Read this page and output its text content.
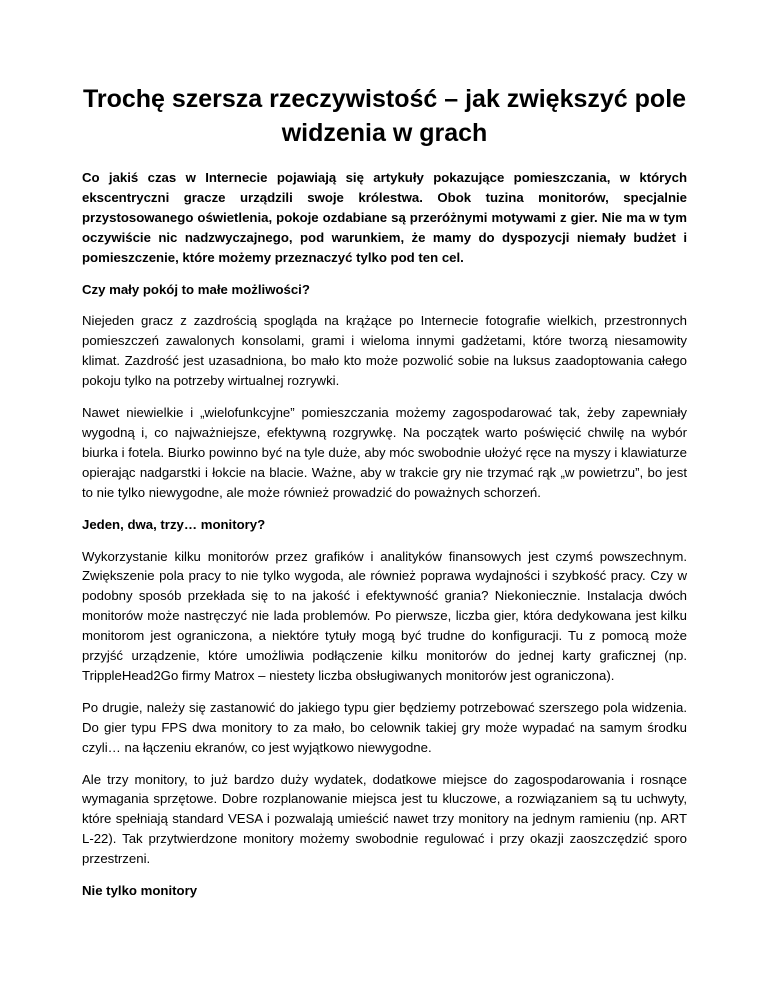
Trochę szersza rzeczywistość – jak zwiększyć pole widzenia w grach

Co jakiś czas w Internecie pojawiają się artykuły pokazujące pomieszczania, w których ekscentryczni gracze urządzili swoje królestwa. Obok tuzina monitorów, specjalnie przystosowanego oświetlenia, pokoje ozdabiane są przeróżnymi motywami z gier. Nie ma w tym oczywiście nic nadzwyczajnego, pod warunkiem, że mamy do dyspozycji niemały budżet i pomieszczenie, które możemy przeznaczyć tylko pod ten cel.

Czy mały pokój to małe możliwości?

Niejeden gracz z zazdrością spogląda na krążące po Internecie fotografie wielkich, przestronnych pomieszczeń zawalonych konsolami, grami i wieloma innymi gadżetami, które tworzą niesamowity klimat. Zazdrość jest uzasadniona, bo mało kto może pozwolić sobie na luksus zaadoptowania całego pokoju tylko na potrzeby wirtualnej rozrywki.

Nawet niewielkie i „wielofunkcyjne” pomieszczania możemy zagospodarować tak, żeby zapewniały wygodną i, co najważniejsze, efektywną rozgrywkę. Na początek warto poświęcić chwilę na wybór biurka i fotela. Biurko powinno być na tyle duże, aby móc swobodnie ułożyć ręce na myszy i klawiaturze opierając nadgarstki i łokcie na blacie. Ważne, aby w trakcie gry nie trzymać rąk „w powietrzu”, bo jest to nie tylko niewygodne, ale może również prowadzić do poważnych schorzeń.

Jeden, dwa, trzy… monitory?

Wykorzystanie kilku monitorów przez grafików i analityków finansowych jest czymś powszechnym. Zwiększenie pola pracy to nie tylko wygoda, ale również poprawa wydajności i szybkość pracy. Czy w podobny sposób przekłada się to na jakość i efektywność grania? Niekoniecznie. Instalacja dwóch monitorów może nastręczyć nie lada problemów. Po pierwsze, liczba gier, która dedykowana jest kilku monitorom jest ograniczona, a niektóre tytuły mogą być trudne do konfiguracji. Tu z pomocą może przyjść urządzenie, które umożliwia podłączenie kilku monitorów do jednej karty graficznej (np. TrippleHead2Go firmy Matrox – niestety liczba obsługiwanych monitorów jest ograniczona).

Po drugie, należy się zastanowić do jakiego typu gier będziemy potrzebować szerszego pola widzenia. Do gier typu FPS dwa monitory to za mało, bo celownik takiej gry może wypadać na samym środku czyli… na łączeniu ekranów, co jest wyjątkowo niewygodne.

Ale trzy monitory, to już bardzo duży wydatek, dodatkowe miejsce do zagospodarowania i rosnące wymagania sprzętowe. Dobre rozplanowanie miejsca jest tu kluczowe, a rozwiązaniem są tu uchwyty, które spełniają standard VESA i pozwalają umieścić nawet trzy monitory na jednym ramieniu (np. ART L-22). Tak przytwierdzone monitory możemy swobodnie regulować i przy okazji zaoszczędzić sporo przestrzeni.

Nie tylko monitory
